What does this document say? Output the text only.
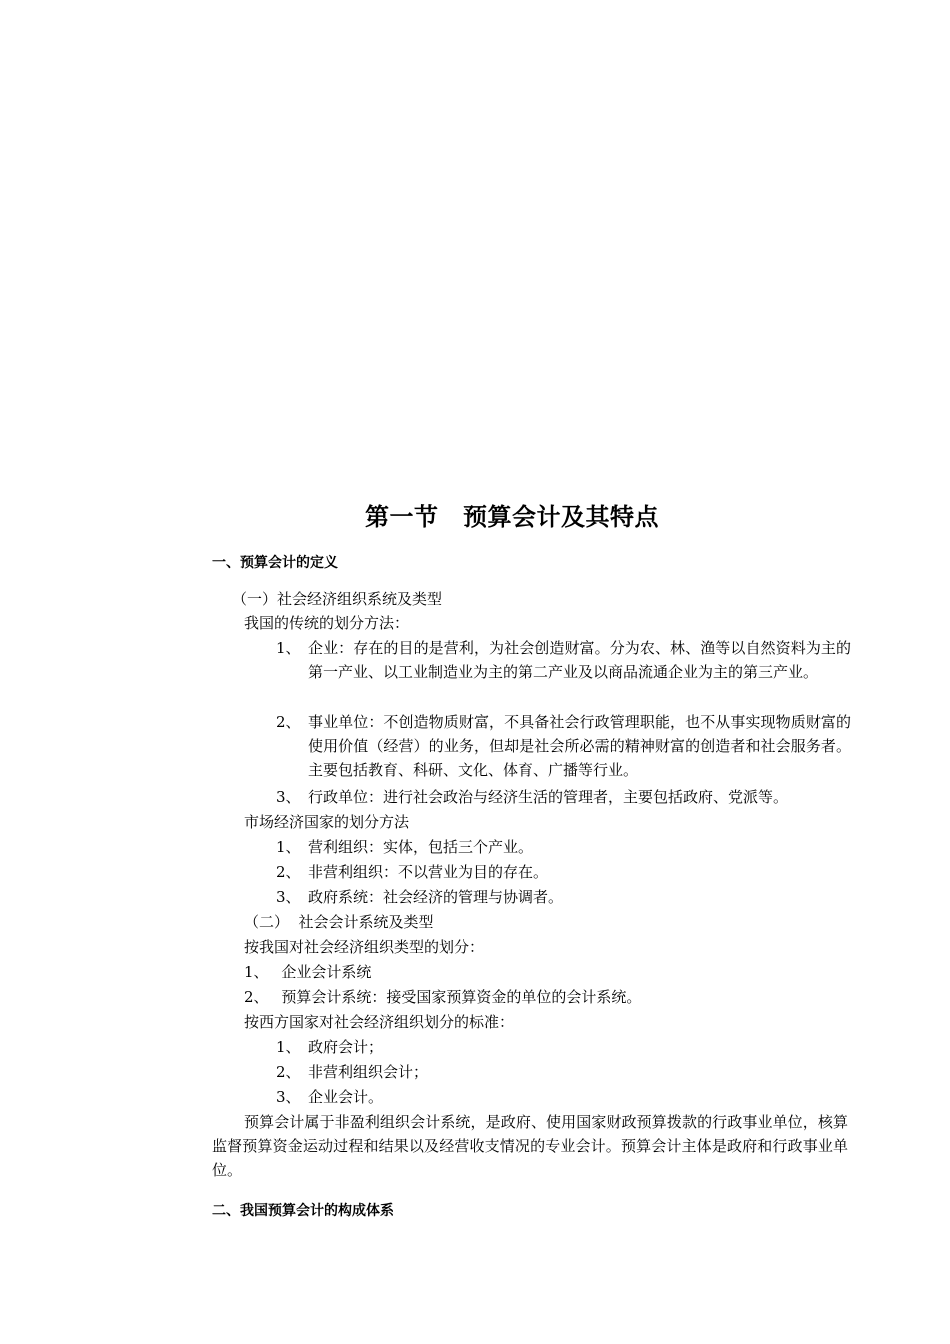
第一节　预算会计及其特点
一、预算会计的定义
（一）社会经济组织系统及类型
我国的传统的划分方法：
1、 企业：存在的目的是营利，为社会创造财富。分为农、林、渔等以自然资料为主的第一产业、以工业制造业为主的第二产业及以商品流通企业为主的第三产业。
2、 事业单位：不创造物质财富，不具备社会行政管理职能，也不从事实现物质财富的使用价值（经营）的业务，但却是社会所必需的精神财富的创造者和社会服务者。主要包括教育、科研、文化、体育、广播等行业。
3、 行政单位：进行社会政治与经济生活的管理者，主要包括政府、党派等。
市场经济国家的划分方法
1、 营利组织：实体，包括三个产业。
2、 非营利组织：不以营业为目的存在。
3、 政府系统：社会经济的管理与协调者。
（二）  社会会计系统及类型
按我国对社会经济组织类型的划分：
1、 企业会计系统
2、 预算会计系统：接受国家预算资金的单位的会计系统。
按西方国家对社会经济组织划分的标准：
1、 政府会计；
2、 非营利组织会计；
3、 企业会计。
预算会计属于非盈利组织会计系统，是政府、使用国家财政预算拨款的行政事业单位，核算监督预算资金运动过程和结果以及经营收支情况的专业会计。预算会计主体是政府和行政事业单位。
二、我国预算会计的构成体系
